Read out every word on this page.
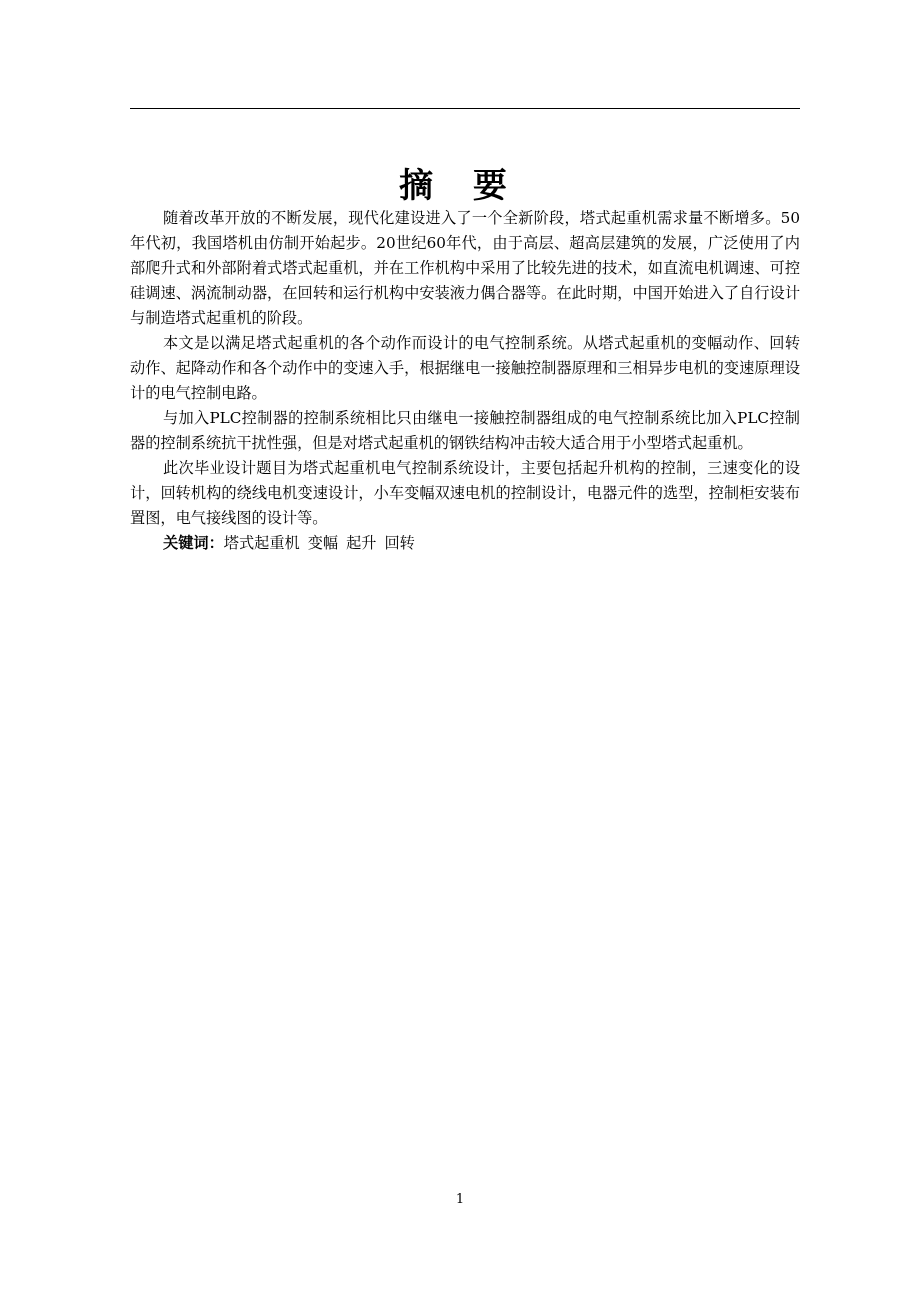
摘 要

随着改革开放的不断发展，现代化建设进入了一个全新阶段，塔式起重机需求量不断增多。50年代初，我国塔机由仿制开始起步。20世纪60年代，由于高层、超高层建筑的发展，广泛使用了内部爬升式和外部附着式塔式起重机，并在工作机构中采用了比较先进的技术，如直流电机调速、可控硅调速、涡流制动器，在回转和运行机构中安装液力偶合器等。在此时期，中国开始进入了自行设计与制造塔式起重机的阶段。

本文是以满足塔式起重机的各个动作而设计的电气控制系统。从塔式起重机的变幅动作、回转动作、起降动作和各个动作中的变速入手，根据继电一接触控制器原理和三相异步电机的变速原理设计的电气控制电路。

与加入PLC控制器的控制系统相比只由继电一接触控制器组成的电气控制系统比加入PLC控制器的控制系统抗干扰性强，但是对塔式起重机的钢铁结构冲击较大适合用于小型塔式起重机。

此次毕业设计题目为塔式起重机电气控制系统设计，主要包括起升机构的控制，三速变化的设计，回转机构的绕线电机变速设计，小车变幅双速电机的控制设计，电器元件的选型，控制柜安装布置图，电气接线图的设计等。

关键词：塔式起重机 变幅 起升 回转

1
